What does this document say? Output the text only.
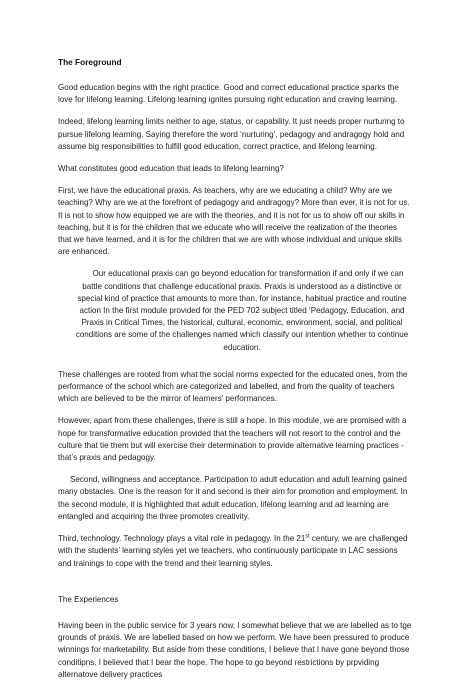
The Foreground

Good education begins with the right practice. Good and correct educational practice sparks the love for lifelong learning. Lifelong learning ignites pursuing right education and craving learning.

Indeed, lifelong learning limits neither to age, status, or capability. It just needs proper nurturing to pursue lifelong learning. Saying therefore the word ‘nurturing’, pedagogy and andragogy hold and assume big responsibilities to fulfill good education, correct practice, and lifelong learning.

What constitutes good education that leads to lifelong learning?

First, we have the educational praxis. As teachers, why are we educating a child? Why are we teaching? Why are we at the forefront of pedagogy and andragogy? More than ever, it is not for us. It is not to show how equipped we are with the theories, and it is not for us to show off our skills in teaching, but it is for the children that we educate who will receive the realization of the theories that we have learned, and it is for the children that we are with whose individual and unique skills are enhanced.

Our educational praxis can go beyond education for transformation if and only if we can battle conditions that challenge educational praxis. Praxis is understood as a distinctive or special kind of practice that amounts to more than, for instance, habitual practice and routine action In the first module provided for the PED 702 subject titled ‘Pedagogy, Education, and Praxis in Critical Times, the historical, cultural, economic, environment, social, and political conditions are some of the challenges named which classify our intention whether to continue education.

These challenges are rooted from what the social norms expected for the educated ones, from the performance of the school which are categorized and labelled, and from the quality of teachers which are believed to be the mirror of learners’ performances.

However, apart from these challenges, there is still a hope. In this module, we are promised with a hope for transformative education provided that the teachers will not resort to the control and the culture that tie them but will exercise their determination to provide alternative learning practices -that’s praxis and pedagogy.

Second, willingness and acceptance. Participation to adult education and adult learning gained many obstacles. One is the reason for it and second is their aim for promotion and employment. In the second module, it is highlighted that adult education, lifelong learning and ad learning are entangled and acquiring the three promotes creativity.

Third, technology. Technology plays a vital role in pedagogy. In the 21st century, we are challenged with the students’ learning styles yet we teachers, who continuously participate in LAC sessions and trainings to cope with the trend and their learning styles.

The Experiences

Having been in the public service for 3 years now, I somewhat believe that we are labelled as to tge grounds of praxis. We are labelled based on how we perform. We have been pressured to produce winnings for marketability. But aside from these conditions, I believe that I have gone beyond those conditipns. I believed that I bear the hope. The hope to go beyond restrictions by prpviding alternatove delivery practices
